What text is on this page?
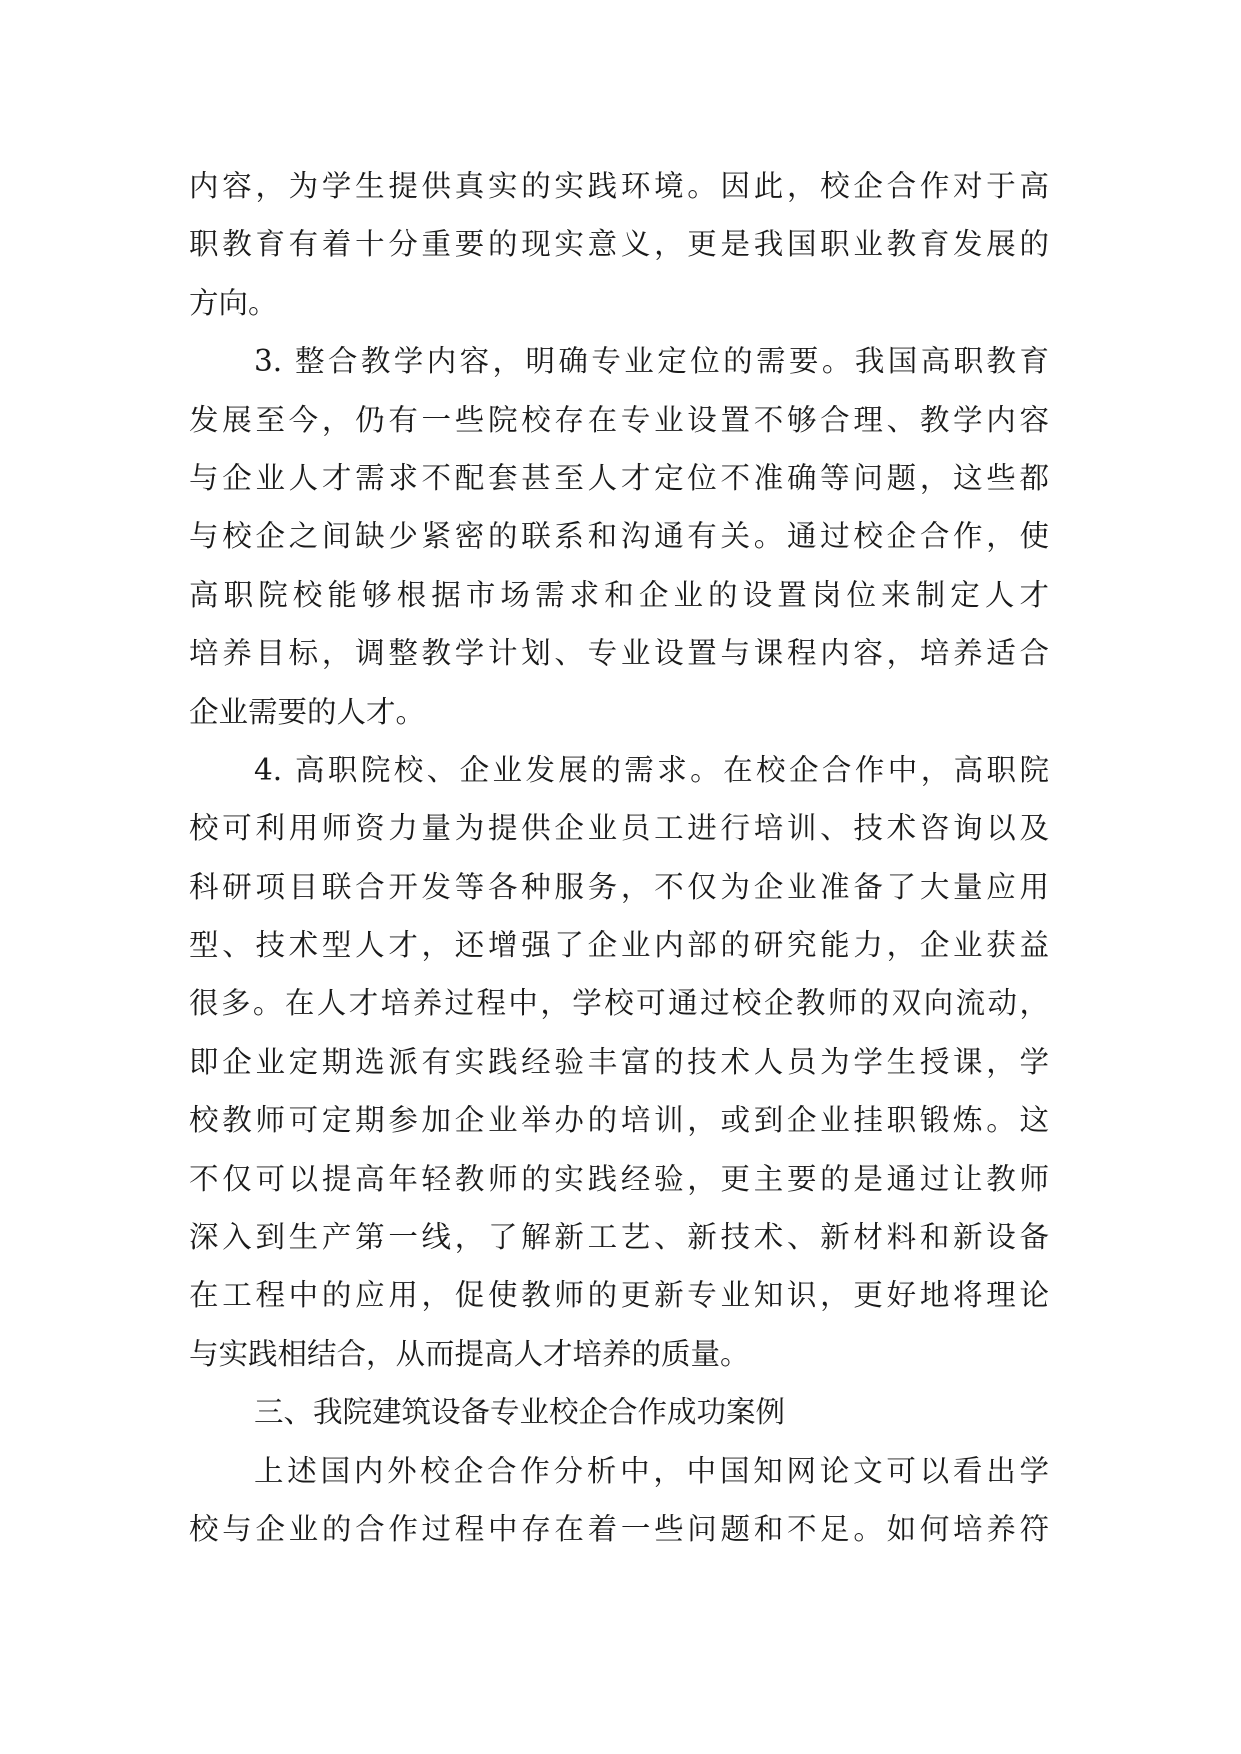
内容，为学生提供真实的实践环境。因此，校企合作对于高
职教育有着十分重要的现实意义，更是我国职业教育发展的
方向。
3. 整合教学内容，明确专业定位的需要。我国高职教育
发展至今，仍有一些院校存在专业设置不够合理、教学内容
与企业人才需求不配套甚至人才定位不准确等问题，这些都
与校企之间缺少紧密的联系和沟通有关。通过校企合作，使
高职院校能够根据市场需求和企业的设置岗位来制定人才
培养目标，调整教学计划、专业设置与课程内容，培养适合
企业需要的人才。
4. 高职院校、企业发展的需求。在校企合作中，高职院
校可利用师资力量为提供企业员工进行培训、技术咨询以及
科研项目联合开发等各种服务，不仅为企业准备了大量应用
型、技术型人才，还增强了企业内部的研究能力，企业获益
很多。在人才培养过程中，学校可通过校企教师的双向流动，
即企业定期选派有实践经验丰富的技术人员为学生授课，学
校教师可定期参加企业举办的培训，或到企业挂职锻炼。这
不仅可以提高年轻教师的实践经验，更主要的是通过让教师
深入到生产第一线，了解新工艺、新技术、新材料和新设备
在工程中的应用，促使教师的更新专业知识，更好地将理论
与实践相结合，从而提高人才培养的质量。
三、我院建筑设备专业校企合作成功案例
上述国内外校企合作分析中，中国知网论文可以看出学
校与企业的合作过程中存在着一些问题和不足。如何培养符
